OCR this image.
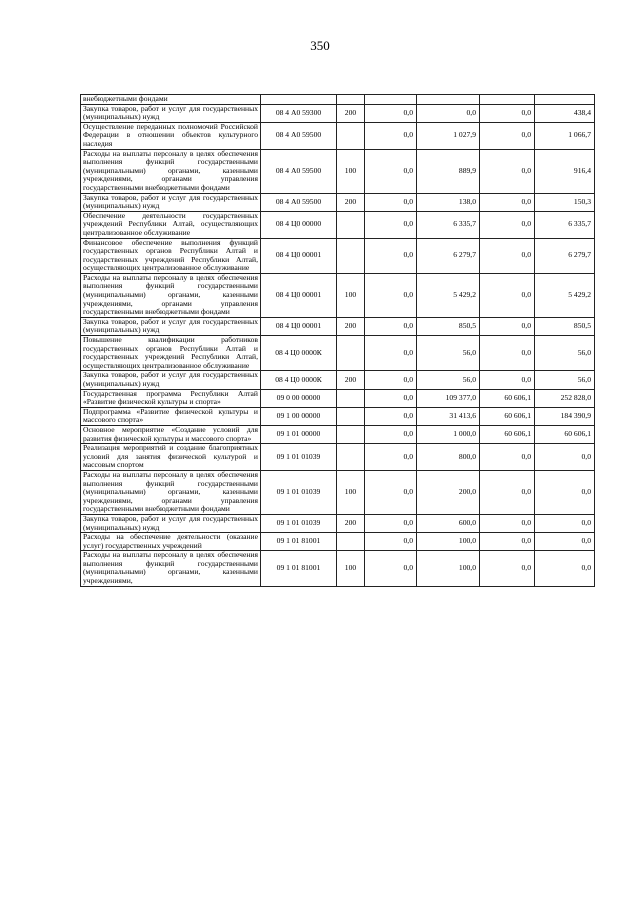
350
внебюджетными фондами						
Закупка товаров, работ и услуг для государственных (муниципальных) нужд	08 4 А0 59300	200	0,0	0,0	0,0	438,4
Осуществление переданных полномочий Российской Федерации в отношении объектов культурного наследия	08 4 А0 59500		0,0	1 027,9	0,0	1 066,7
Расходы на выплаты персоналу в целях обеспечения выполнения функций государственными (муниципальными) органами, казенными учреждениями, органами управления государственными внебюджетными фондами	08 4 А0 59500	100	0,0	889,9	0,0	916,4
Закупка товаров, работ и услуг для государственных (муниципальных) нужд	08 4 А0 59500	200	0,0	138,0	0,0	150,3
Обеспечение деятельности государственных учреждений Республики Алтай, осуществляющих централизованное обслуживание	08 4 Ц0 00000		0,0	6 335,7	0,0	6 335,7
Финансовое обеспечение выполнения функций государственных органов Республики Алтай и государственных учреждений Республики Алтай, осуществляющих централизованное обслуживание	08 4 Ц0 00001		0,0	6 279,7	0,0	6 279,7
Расходы на выплаты персоналу в целях обеспечения выполнения функций государственными (муниципальными) органами, казенными учреждениями, органами управления государственными внебюджетными фондами	08 4 Ц0 00001	100	0,0	5 429,2	0,0	5 429,2
Закупка товаров, работ и услуг для государственных (муниципальных) нужд	08 4 Ц0 00001	200	0,0	850,5	0,0	850,5
Повышение квалификации работников государственных органов Республики Алтай и государственных учреждений Республики Алтай, осуществляющих централизованное обслуживание	08 4 Ц0 0000К		0,0	56,0	0,0	56,0
Закупка товаров, работ и услуг для государственных (муниципальных) нужд	08 4 Ц0 0000К	200	0,0	56,0	0,0	56,0
Государственная программа Республики Алтай «Развитие физической культуры и спорта»	09 0 00 00000		0,0	109 377,0	60 606,1	252 828,0
Подпрограмма «Развитие физической культуры и массового спорта»	09 1 00 00000		0,0	31 413,6	60 606,1	184 390,9
Основное мероприятие «Создание условий для развития физической культуры и массового спорта»	09 1 01 00000		0,0	1 000,0	60 606,1	60 606,1
Реализация мероприятий и создание благоприятных условий для занятия физической культурой и массовым спортом	09 1 01 01039		0,0	800,0	0,0	0,0
Расходы на выплаты персоналу в целях обеспечения выполнения функций государственными (муниципальными) органами, казенными учреждениями, органами управления государственными внебюджетными фондами	09 1 01 01039	100	0,0	200,0	0,0	0,0
Закупка товаров, работ и услуг для государственных (муниципальных) нужд	09 1 01 01039	200	0,0	600,0	0,0	0,0
Расходы на обеспечение деятельности (оказание услуг) государственных учреждений	09 1 01 81001		0,0	100,0	0,0	0,0
Расходы на выплаты персоналу в целях обеспечения выполнения функций государственными (муниципальными) органами, казенными учреждениями,	09 1 01 81001	100	0,0	100,0	0,0	0,0
